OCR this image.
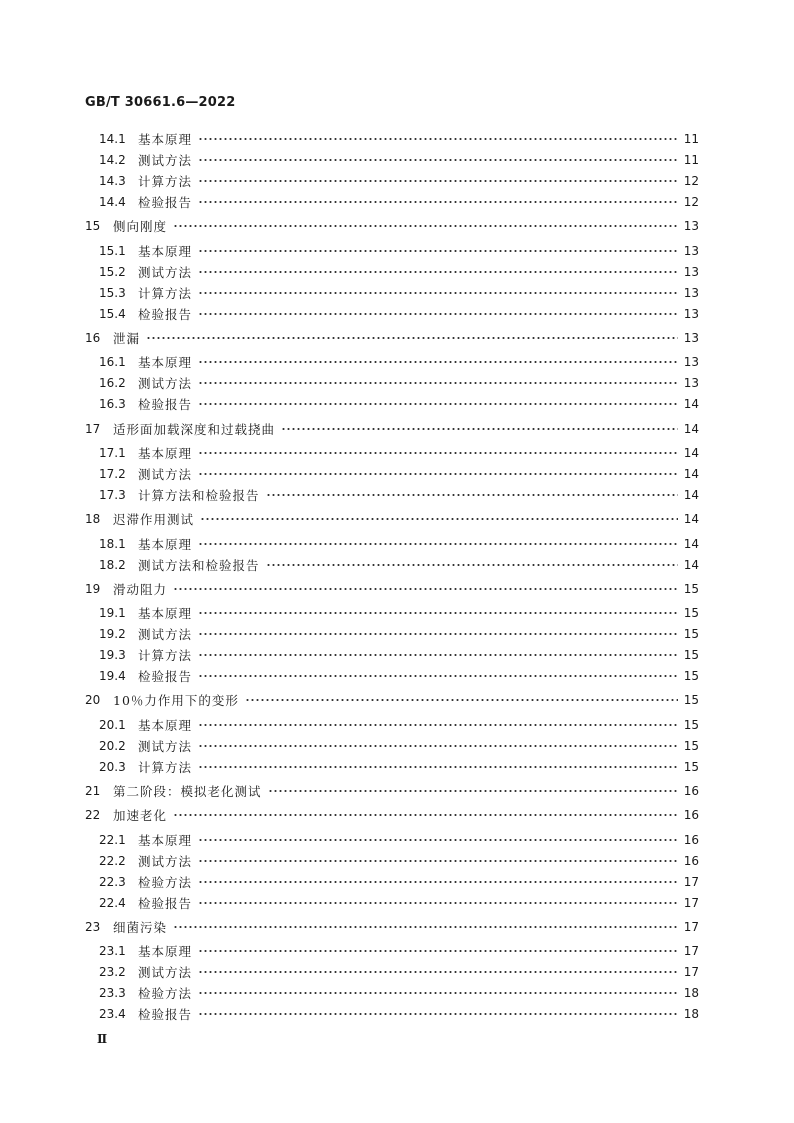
GB/T 30661.6—2022
14.1 基本原理	11
14.2 测试方法	11
14.3 计算方法	12
14.4 检验报告	12
15	侧向刚度	13
15.1 基本原理	13
15.2 测试方法	13
15.3 计算方法	13
15.4 检验报告	13
16	泄漏	13
16.1 基本原理	13
16.2 测试方法	13
16.3 检验报告	14
17	适形面加载深度和过载挠曲	14
17.1 基本原理	14
17.2 测试方法	14
17.3 计算方法和检验报告	14
18	迟滞作用测试	14
18.1 基本原理	14
18.2 测试方法和检验报告	14
19	滑动阻力	15
19.1 基本原理	15
19.2 测试方法	15
19.3 计算方法	15
19.4 检验报告	15
20	10％力作用下的变形	15
20.1 基本原理	15
20.2 测试方法	15
20.3 计算方法	15
21	第二阶段：模拟老化测试	16
22	加速老化	16
22.1 基本原理	16
22.2 测试方法	16
22.3 检验方法	17
22.4 检验报告	17
23	细菌污染	17
23.1 基本原理	17
23.2 测试方法	17
23.3 检验方法	18
23.4 检验报告	18
Ⅱ
